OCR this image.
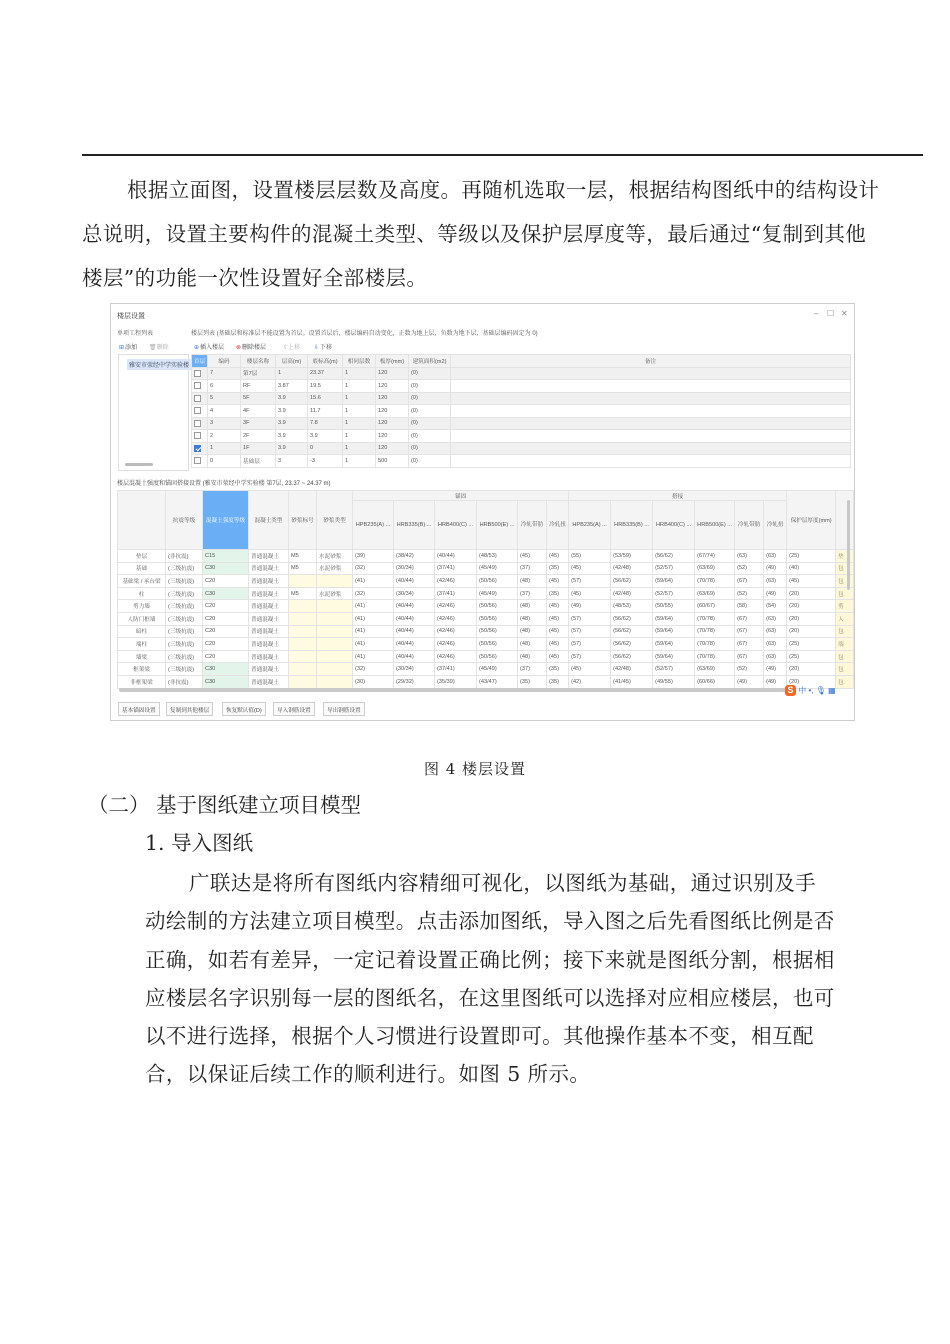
根据立面图，设置楼层层数及高度。再随机选取一层，根据结构图纸中的结构设计总说明，设置主要构件的混凝土类型、等级以及保护层厚度等，最后通过“复制到其他楼层”的功能一次性设置好全部楼层。

楼层设置	– ☐ ✕
单项工程列表
⊞添加 🗑删除
雅安市荥经中学实验楼
楼层列表 (基础层和标准层不能设置为首层。设置首层后，楼层编码自动变化，正数为地上层，负数为地下层，基础层编码固定为 0)
⊕插入楼层 ⊗删除楼层	⇧上移 ⇩下移
首层	编码	楼层名称	层高(m)	底标高(m)	相同层数	板厚(mm)	建筑面积(m2)	备注
	7	第7层	1	23.37	1	120	(0)	
	6	RF	3.87	19.5	1	120	(0)	
	5	5F	3.9	15.6	1	120	(0)	
	4	4F	3.9	11.7	1	120	(0)	
	3	3F	3.9	7.8	1	120	(0)	
	2	2F	3.9	3.9	1	120	(0)	
	1	1F	3.9	0	1	120	(0)	
	0	基础层	3	-3	1	500	(0)	
楼层混凝土强度和锚固搭接设置 (雅安市荥经中学实验楼 第7层, 23.37 ~ 24.37 m)
	抗震等级	混凝土强度等级	混凝土类型	砂浆标号	砂浆类型	锚固						搭接						保护层厚度(mm)	
						HPB235(A) ...	HRB335(B) ...	HRB400(C) ...	HRB500(E) ...	冷轧带肋	冷轧扭	HPB235(A) ...	HRB335(B) ...	HRB400(C) ...	HRB500(E) ...	冷轧带肋	冷轧扭		
垫层	(非抗震)	C15	普通混凝土	M5	水泥砂浆	(39)	(38/42)	(40/44)	(48/53)	(45)	(45)	(55)	(53/59)	(56/62)	(67/74)	(63)	(63)	(25)	垫
基础	(三级抗震)	C30	普通混凝土	M5	水泥砂浆	(32)	(30/34)	(37/41)	(45/49)	(37)	(35)	(45)	(42/48)	(52/57)	(63/69)	(52)	(49)	(40)	包
基础梁 / 承台梁	(三级抗震)	C20	普通混凝土			(41)	(40/44)	(42/46)	(50/56)	(48)	(45)	(57)	(56/62)	(59/64)	(70/78)	(67)	(63)	(45)	包
柱	(三级抗震)	C30	普通混凝土	M5	水泥砂浆	(32)	(30/34)	(37/41)	(45/49)	(37)	(35)	(45)	(42/48)	(52/57)	(63/69)	(52)	(49)	(20)	包
剪力墙	(三级抗震)	C20	普通混凝土			(41)	(40/44)	(42/46)	(50/56)	(48)	(45)	(49)	(48/53)	(50/55)	(60/67)	(58)	(54)	(20)	剪
人防门框墙	(三级抗震)	C20	普通混凝土			(41)	(40/44)	(42/46)	(50/56)	(48)	(45)	(57)	(56/62)	(59/64)	(70/78)	(67)	(63)	(20)	人
暗柱	(三级抗震)	C20	普通混凝土			(41)	(40/44)	(42/46)	(50/56)	(48)	(45)	(57)	(56/62)	(59/64)	(70/78)	(67)	(63)	(20)	包
端柱	(三级抗震)	C20	普通混凝土			(41)	(40/44)	(42/46)	(50/56)	(48)	(45)	(57)	(56/62)	(59/64)	(70/78)	(67)	(63)	(25)	端
墙梁	(三级抗震)	C20	普通混凝土			(41)	(40/44)	(42/46)	(50/56)	(48)	(45)	(57)	(56/62)	(59/64)	(70/78)	(67)	(63)	(25)	包
框架梁	(三级抗震)	C30	普通混凝土			(32)	(30/34)	(37/41)	(45/49)	(37)	(35)	(45)	(42/48)	(52/57)	(63/69)	(52)	(49)	(20)	包
非框架梁	(非抗震)	C30	普通混凝土			(30)	(29/32)	(35/39)	(43/47)	(35)	(35)	(42)	(41/45)	(49/55)	(60/66)	(49)	(49)	(20)	包
S 中 •, 🎙 ▦
基本锚固设置	复制到其他楼层	恢复默认值(D)	导入钢筋设置	导出钢筋设置
图 4 楼层设置
（二） 基于图纸建立项目模型
1. 导入图纸

广联达是将所有图纸内容精细可视化，以图纸为基础，通过识别及手动绘制的方法建立项目模型。点击添加图纸，导入图之后先看图纸比例是否正确，如若有差异，一定记着设置正确比例；接下来就是图纸分割，根据相应楼层名字识别每一层的图纸名，在这里图纸可以选择对应相应楼层，也可以不进行选择，根据个人习惯进行设置即可。其他操作基本不变，相互配合，以保证后续工作的顺利进行。如图 5 所示。
